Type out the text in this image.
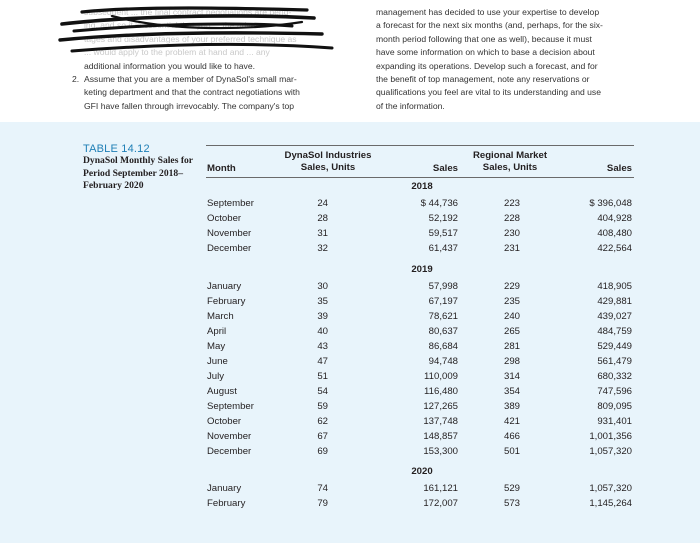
subsequent ... the final contract negotiations are pend-

ing, and so it is essential that you ... the advan-

tages and disadvantages of your preferred technique as

... would apply to the problem at hand and ... any

additional information you would like to have.

2. Assume that you are a member of DynaSol's small mar-

keting department and that the contract negotiations with

GFI have fallen through irrevocably. The company's top

management has decided to use your expertise to develop

a forecast for the next six months (and, perhaps, for the six-

month period following that one as well), because it must

have some information on which to base a decision about

expanding its operations. Develop such a forecast, and for

the benefit of top management, note any reservations or

qualifications you feel are vital to its understanding and use

of the information.

TABLE 14.12
DynaSol Monthly Sales for Period September 2018–February 2020
Month
DynaSol Industries Sales, Units	Sales
Regional Market Sales, Units	Sales
2018
September	24	$ 44,736	223	$ 396,048
October	28	52,192	228	404,928
November	31	59,517	230	408,480
December	32	61,437	231	422,564
2019
January	30	57,998	229	418,905
February	35	67,197	235	429,881
March	39	78,621	240	439,027
April	40	80,637	265	484,759
May	43	86,684	281	529,449
June	47	94,748	298	561,479
July	51	110,009	314	680,332
August	54	116,480	354	747,596
September	59	127,265	389	809,095
October	62	137,748	421	931,401
November	67	148,857	466	1,001,356
December	69	153,300	501	1,057,320
2020
January	74	161,121	529	1,057,320
February	79	172,007	573	1,145,264
